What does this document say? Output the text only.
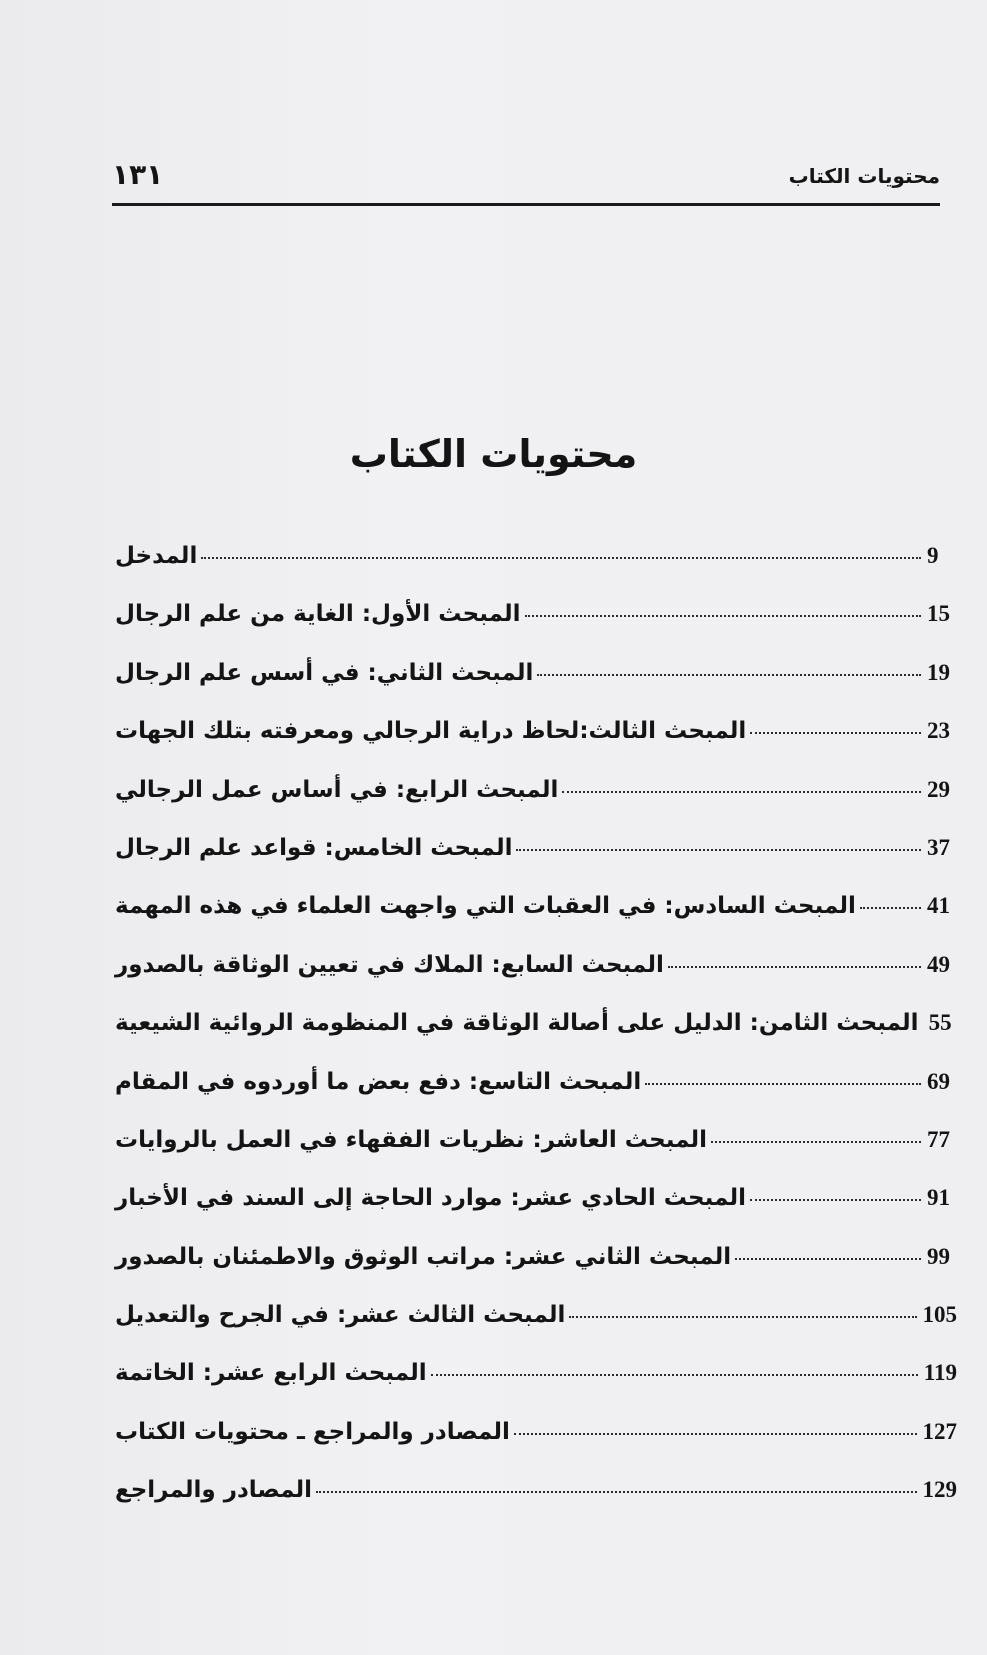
محتويات الكتاب
١٣١
محتويات الكتاب
المدخل	9
المبحث الأول: الغاية من علم الرجال	15
المبحث الثاني: في أسس علم الرجال	19
المبحث الثالث:لحاظ دراية الرجالي ومعرفته بتلك الجهات	23
المبحث الرابع: في أساس عمل الرجالي	29
المبحث الخامس: قواعد علم الرجال	37
المبحث السادس: في العقبات التي واجهت العلماء في هذه المهمة	41
المبحث السابع: الملاك في تعيين الوثاقة بالصدور	49
المبحث الثامن: الدليل على أصالة الوثاقة في المنظومة الروائية الشيعية 55
المبحث التاسع: دفع بعض ما أوردوه في المقام	69
المبحث العاشر: نظريات الفقهاء في العمل بالروايات	77
المبحث الحادي عشر: موارد الحاجة إلى السند في الأخبار	91
المبحث الثاني عشر: مراتب الوثوق والاطمئنان بالصدور	99
المبحث الثالث عشر: في الجرح والتعديل	105
المبحث الرابع عشر: الخاتمة	119
المصادر والمراجع ـ محتويات الكتاب	127
المصادر والمراجع	129
